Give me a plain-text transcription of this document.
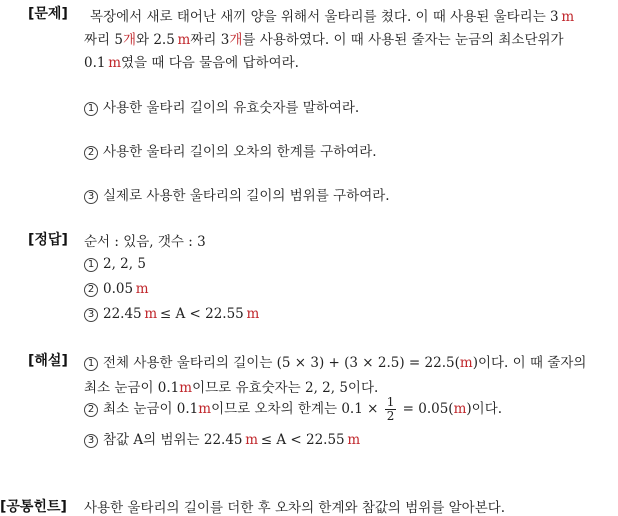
[문제] 목장에서 새로 태어난 새끼 양을 위해서 울타리를 쳤다. 이 때 사용된 울타리는 3  m
짜리 5개와 2.5  m짜리 3개를 사용하였다. 이 때 사용된 줄자는 눈금의 최소단위가
0.1  m였을 때 다음 물음에 답하여라.
1 사용한 울타리 길이의 유효숫자를 말하여라.
2 사용한 울타리 길이의 오차의 한계를 구하여라.
3 실제로 사용한 울타리의 길이의 범위를 구하여라.
[정답] 순서 : 있음, 갯수 : 3
1 2, 2, 5
2 0.05  m
3 22.45  m  ≤ A < 22.55  m
[해설]	1 전체 사용한 울타리의 길이는 (5 × 3) + (3 × 2.5) = 22.5(m)이다. 이 때 줄자의
최소 눈금이 0.1m이므로 유효숫자는 2, 2, 5이다.
2 최소 눈금이 0.1m이므로 오차의 한계는 $0.1 \times \frac{1}{2} = 0.05(m)$이다.
3 참값 A의 범위는 22.45  m  ≤ A < 22.55  m
[공통힌트] 사용한 울타리의 길이를 더한 후 오차의 한계와 참값의 범위를 알아본다.
